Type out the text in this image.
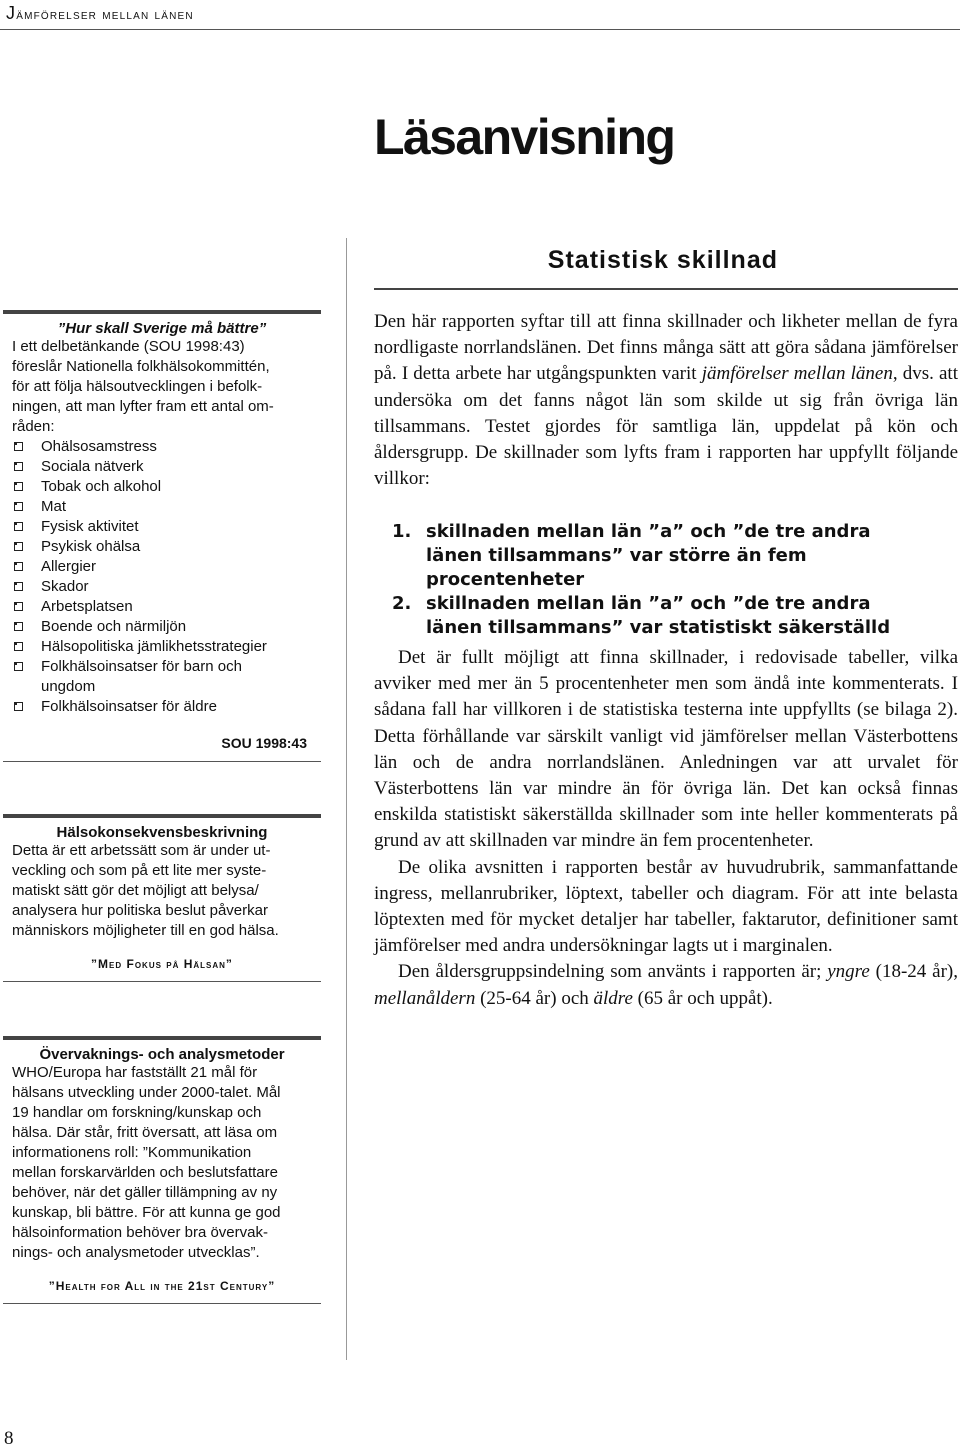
Jämförelser mellan länen
Läsanvisning
”Hur skall Sverige må bättre”
I ett delbetänkande (SOU 1998:43)
föreslår Nationella folkhälsokommittén,
för att följa hälsoutvecklingen i befolk-
ningen, att man lyfter fram ett antal om-
råden:
Ohälsosamstress
Sociala nätverk
Tobak och alkohol
Mat
Fysisk aktivitet
Psykisk ohälsa
Allergier
Skador
Arbetsplatsen
Boende och närmiljön
Hälsopolitiska jämlikhetsstrategier
Folkhälsoinsatser för barn och ungdom
Folkhälsoinsatser för äldre
SOU 1998:43
Hälsokonsekvensbeskrivning
Detta är ett arbetssätt som är under ut-
veckling och som på ett lite mer syste-
matiskt sätt gör det möjligt att belysa/
analysera hur politiska beslut påverkar
människors möjligheter till en god hälsa.
”Med Fokus på Hälsan”
Övervaknings- och analysmetoder
WHO/Europa har fastställt 21 mål för
hälsans utveckling under 2000-talet. Mål
19 handlar om forskning/kunskap och
hälsa. Där står, fritt översatt, att läsa om
informationens roll: ”Kommunikation
mellan forskarvärlden och beslutsfattare
behöver, när det gäller tillämpning av ny
kunskap, bli bättre. För att kunna ge god
hälsoinformation behöver bra övervak-
nings- och analysmetoder utvecklas”.
”Health for All in the 21st Century”
Statistisk skillnad

Den här rapporten syftar till att finna skillnader och likheter mellan de fyra nordligaste norrlandslänen. Det finns många sätt att göra sådana jämförelser på. I detta arbete har utgångspunkten varit jämförelser mellan länen, dvs. att undersöka om det fanns något län som skilde ut sig från övriga län tillsammans. Testet gjordes för samtliga län, uppdelat på kön och åldersgrupp. De skillnader som lyfts fram i rapporten har uppfyllt följande villkor:

1. skillnaden mellan län ”a” och ”de tre andra
länen tillsammans” var större än fem procentenheter
2. skillnaden mellan län ”a” och ”de tre andra
länen tillsammans” var statistiskt säkerställd

Det är fullt möjligt att finna skillnader, i redovisade tabeller, vilka avviker med mer än 5 procentenheter men som ändå inte kommenterats. I sådana fall har villkoren i de statistiska testerna inte uppfyllts (se bilaga 2). Detta förhållande var särskilt vanligt vid jämförelser mellan Västerbottens län och de andra norrlandslänen. Anledningen var att urvalet för Västerbottens län var mindre än för övriga län. Det kan också finnas enskilda statistiskt säkerställda skillnader som inte heller kommenterats på grund av att skillnaden var mindre än fem procentenheter.

De olika avsnitten i rapporten består av huvudrubrik, sammanfattande ingress, mellanrubriker, löptext, tabeller och diagram. För att inte belasta löptexten med för mycket detaljer har tabeller, faktarutor, definitioner samt jämförelser med andra undersökningar lagts ut i marginalen.

Den åldersgruppsindelning som använts i rapporten är; yngre (18-24 år), mellanåldern (25-64 år) och äldre (65 år och uppåt).

8
